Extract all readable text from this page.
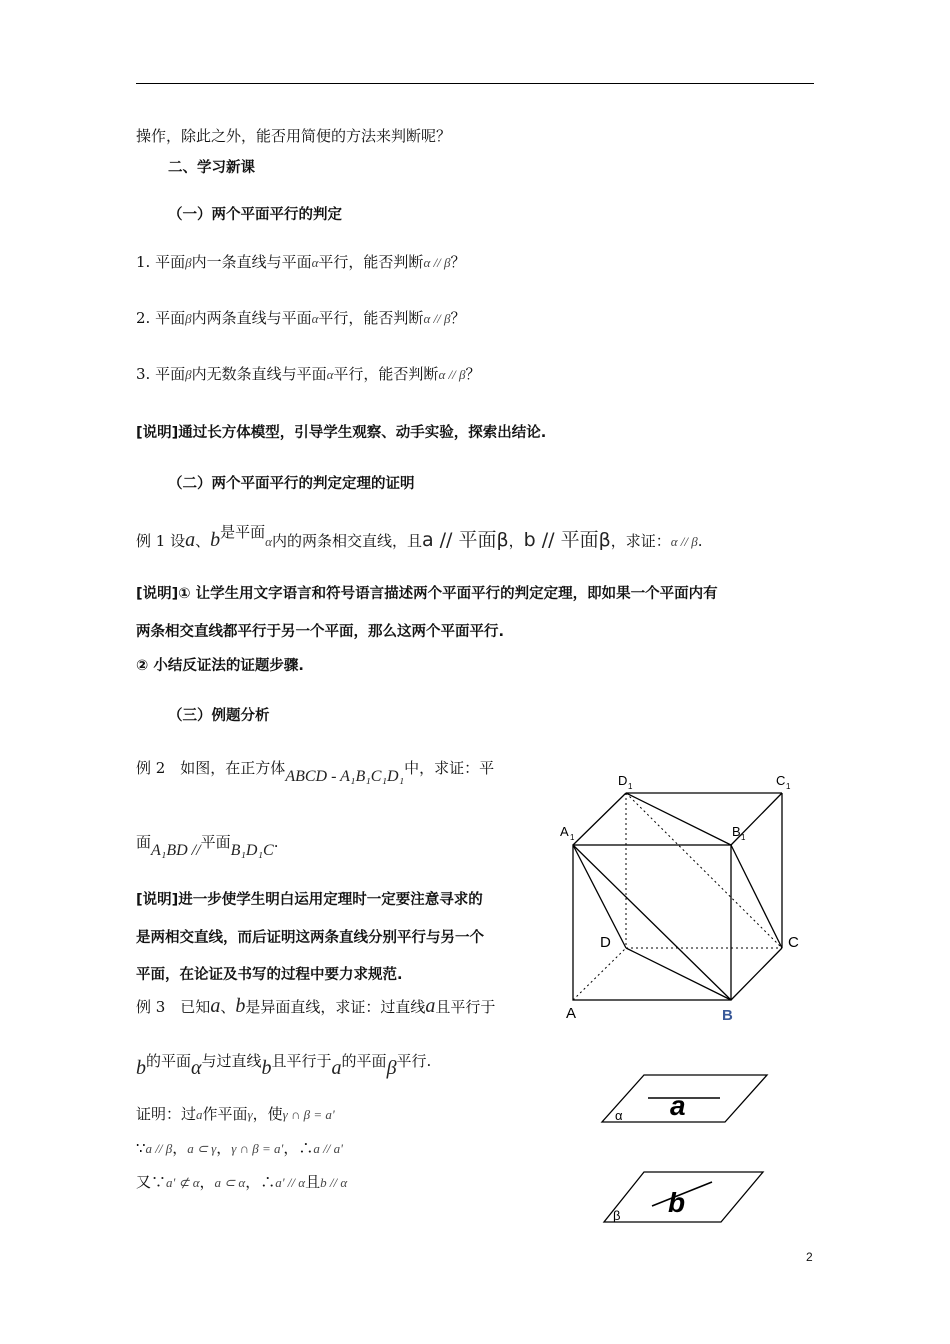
操作，除此之外，能否用简便的方法来判断呢？
二、学习新课
（一）两个平面平行的判定
1. 平面β内一条直线与平面α平行，能否判断α // β？
2. 平面β内两条直线与平面α平行，能否判断α // β？
3. 平面β内无数条直线与平面α平行，能否判断α // β？
[说明]通过长方体模型，引导学生观察、动手实验，探索出结论.
（二）两个平面平行的判定定理的证明
例 1 设a、b是平面α内的两条相交直线，且a // 平面β，b // 平面β，求证：α // β.
[说明]① 让学生用文字语言和符号语言描述两个平面平行的判定定理，即如果一个平面内有
两条相交直线都平行于另一个平面，那么这两个平面平行.
② 小结反证法的证题步骤.
（三）例题分析
例 2　如图，在正方体ABCD - A₁B₁C₁D₁中，求证：平
面A₁BD //平面B₁D₁C.
[说明]进一步使学生明白运用定理时一定要注意寻求的
是两相交直线，而后证明这两条直线分别平行与另一个
平面，在论证及书写的过程中要力求规范.
例 3　已知a、b是异面直线，求证：过直线a且平行于
b的平面α与过直线b且平行于a的平面β平行.
证明：过a作平面γ，使γ ∩ β = a'
∵a // β，a ⊂ γ，γ ∩ β = a'，∴a // a'
又∵a' ⊄ α，a ⊂ α，∴a' // α且b // α
D 1	C 1
A 1	B 1
D	C
A	B
a
α
b
β
2
